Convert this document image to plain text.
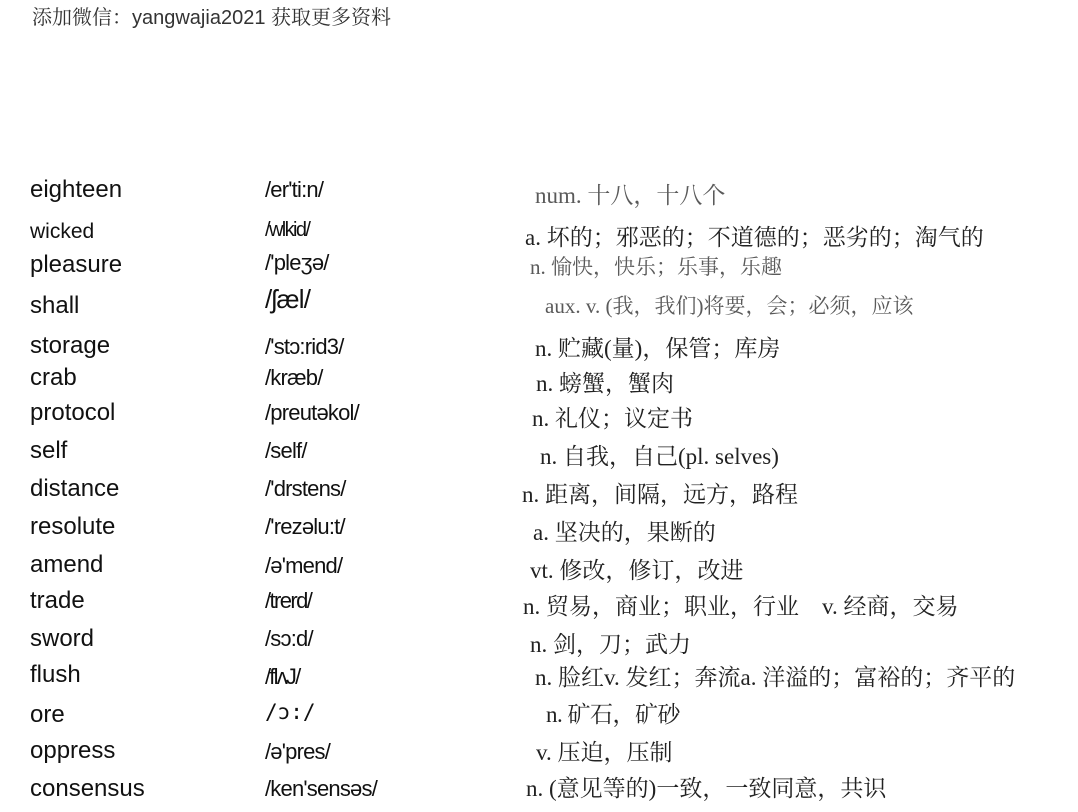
添加微信：yangwajia2021 获取更多资料
eighteen	/er'ti:n/	num. 十八，十八个
wicked	/wlkid/	a. 坏的；邪恶的；不道德的；恶劣的；淘气的
pleasure	/'pleʒə/	n. 愉快，快乐；乐事，乐趣
shall	/ʃæl/	aux. v. (我，我们)将要，会；必须，应该
storage	/'stɔ:rid3/	n. 贮藏(量)，保管；库房
crab	/kræb/	n. 螃蟹，蟹肉
protocol	/preutəkol/	n. 礼仪；议定书
self	/self/	n. 自我，自己(pl. selves)
distance	/'drstens/	n. 距离，间隔，远方，路程
resolute	/'rezəlu:t/	a. 坚决的，果断的
amend	/ə'mend/	vt. 修改，修订，改进
trade	/trerd/	n. 贸易，商业；职业，行业　v. 经商，交易
sword	/sɔ:d/	n. 剑，刀；武力
flush	/flʌJ/	n. 脸红v. 发红；奔流a. 洋溢的；富裕的；齐平的
ore	/ɔ:/	n. 矿石，矿砂
oppress	/ə'pres/	v. 压迫，压制
consensus	/ken'sensəs/	n. (意见等的)一致，一致同意，共识
